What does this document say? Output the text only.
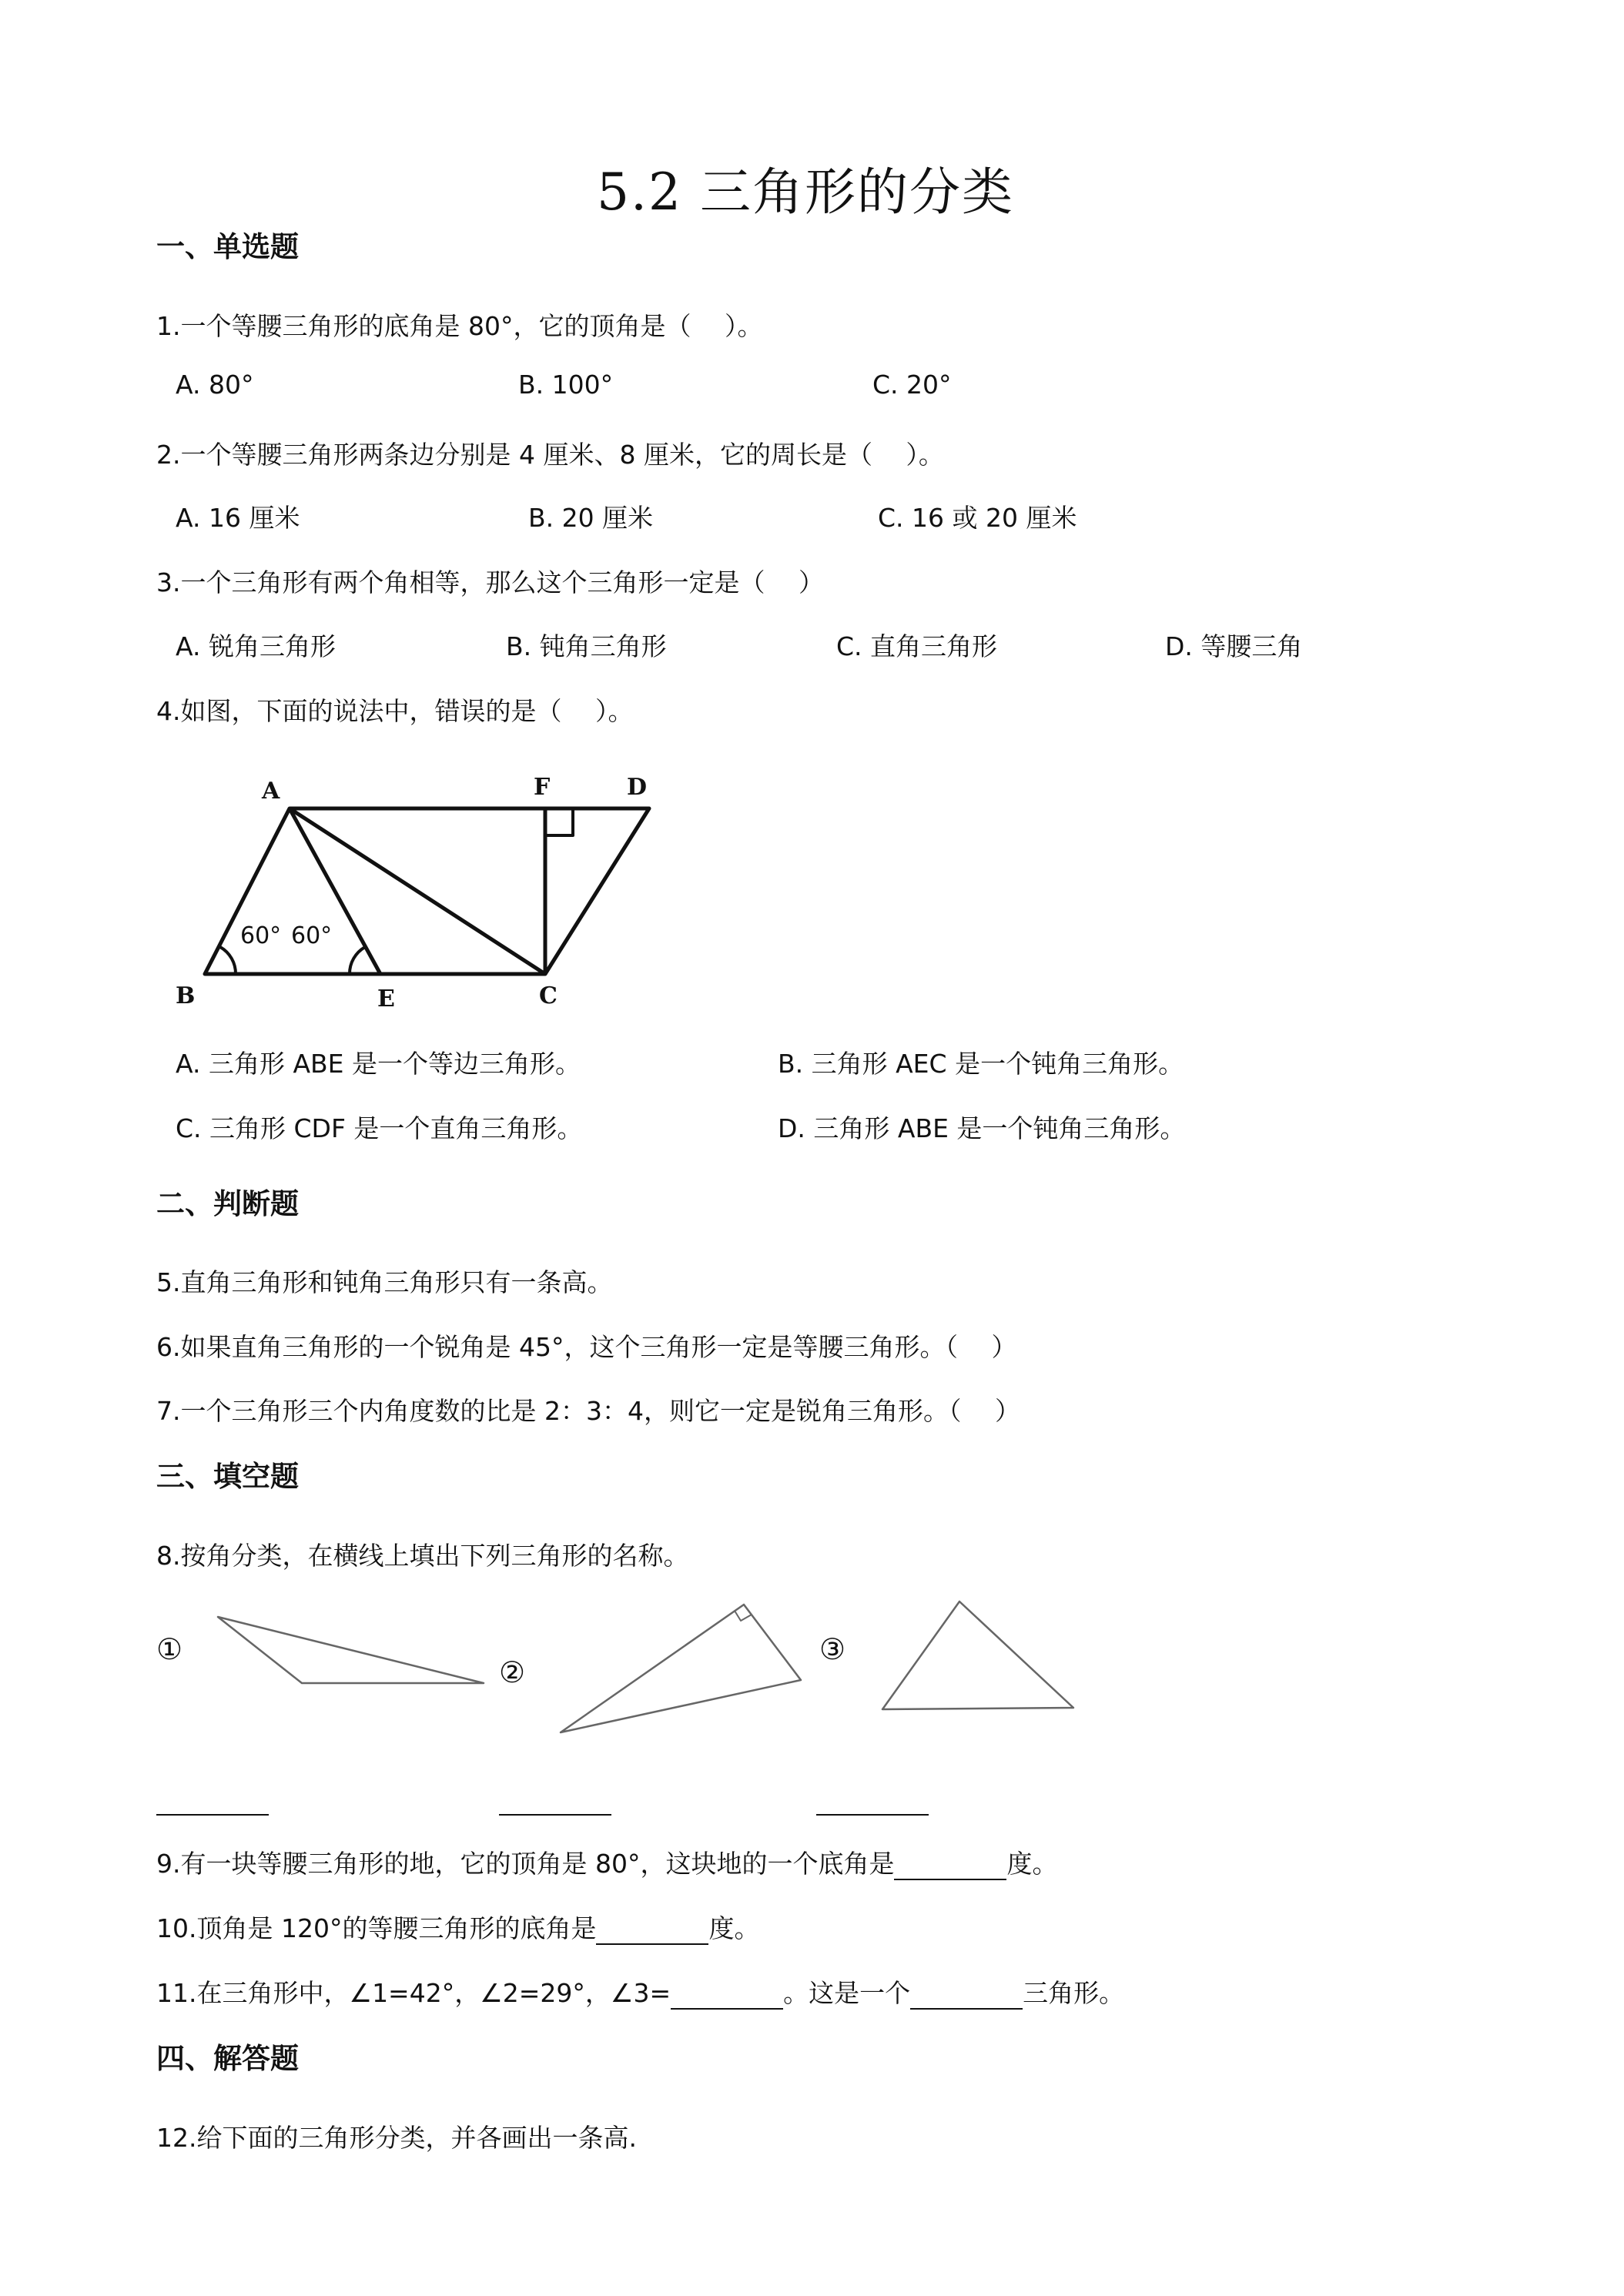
5.2 三角形的分类
一、单选题
1.一个等腰三角形的底角是 80°，它的顶角是（　 ）。
A. 80°	B. 100°	C. 20°
2.一个等腰三角形两条边分别是 4 厘米、8 厘米，它的周长是（　 ）。
A. 16 厘米	B. 20 厘米	C. 16 或 20 厘米
3.一个三角形有两个角相等，那么这个三角形一定是（　 ）
A. 锐角三角形	B. 钝角三角形	C. 直角三角形	D. 等腰三角
4.如图，下面的说法中，错误的是（　 ）。
A	F	D
B	E	C
60° 60°
A. 三角形 ABE 是一个等边三角形。	B. 三角形 AEC 是一个钝角三角形。
C. 三角形 CDF 是一个直角三角形。	D. 三角形 ABE 是一个钝角三角形。
二、判断题
5.直角三角形和钝角三角形只有一条高。
6.如果直角三角形的一个锐角是 45°，这个三角形一定是等腰三角形。（　 ）
7.一个三角形三个内角度数的比是 2：3：4，则它一定是锐角三角形。（　 ）
三、填空题
8.按角分类，在横线上填出下列三角形的名称。
①
②
③
9.有一块等腰三角形的地，它的顶角是 80°，这块地的一个底角是	度。
10.顶角是 120°的等腰三角形的底角是	度。
11.在三角形中，∠1=42°，∠2=29°，∠3=	。这是一个	三角形。
四、解答题
12.给下面的三角形分类，并各画出一条高.
